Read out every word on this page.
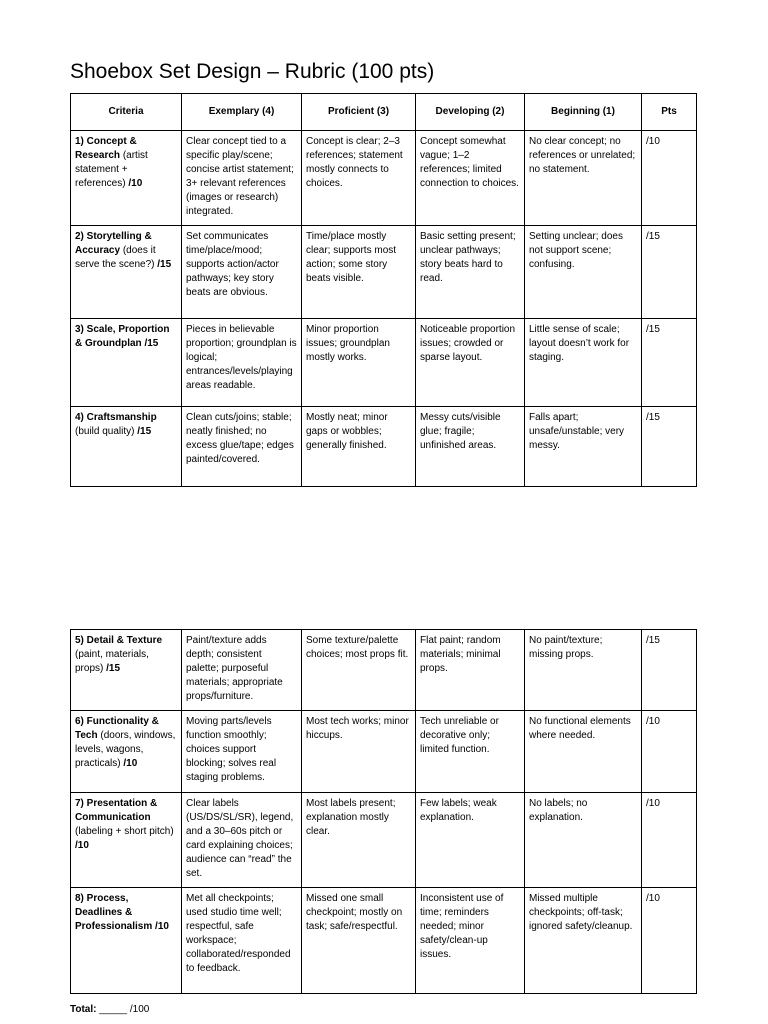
Shoebox Set Design – Rubric (100 pts)
Criteria	Exemplary (4)	Proficient (3)	Developing (2)	Beginning (1)	Pts
1) Concept & Research (artist statement + references) /10	Clear concept tied to a specific play/scene; concise artist statement; 3+ relevant references (images or research) integrated.	Concept is clear; 2–3 references; statement mostly connects to choices.	Concept somewhat vague; 1–2 references; limited connection to choices.	No clear concept; no references or unrelated; no statement.	/10
2) Storytelling & Accuracy (does it serve the scene?) /15	Set communicates time/place/mood; supports action/actor pathways; key story beats are obvious.	Time/place mostly clear; supports most action; some story beats visible.	Basic setting present; unclear pathways; story beats hard to read.	Setting unclear; does not support scene; confusing.	/15
3) Scale, Proportion & Groundplan /15	Pieces in believable proportion; groundplan is logical; entrances/levels/playing areas readable.	Minor proportion issues; groundplan mostly works.	Noticeable proportion issues; crowded or sparse layout.	Little sense of scale; layout doesn’t work for staging.	/15
4) Craftsmanship (build quality) /15	Clean cuts/joins; stable; neatly finished; no excess glue/tape; edges painted/covered.	Mostly neat; minor gaps or wobbles; generally finished.	Messy cuts/visible glue; fragile; unfinished areas.	Falls apart; unsafe/unstable; very messy.	/15
5) Detail & Texture (paint, materials, props) /15	Paint/texture adds depth; consistent palette; purposeful materials; appropriate props/furniture.	Some texture/palette choices; most props fit.	Flat paint; random materials; minimal props.	No paint/texture; missing props.	/15
6) Functionality & Tech (doors, windows, levels, wagons, practicals) /10	Moving parts/levels function smoothly; choices support blocking; solves real staging problems.	Most tech works; minor hiccups.	Tech unreliable or decorative only; limited function.	No functional elements where needed.	/10
7) Presentation & Communication (labeling + short pitch) /10	Clear labels (US/DS/SL/SR), legend, and a 30–60s pitch or card explaining choices; audience can “read” the set.	Most labels present; explanation mostly clear.	Few labels; weak explanation.	No labels; no explanation.	/10
8) Process, Deadlines & Professionalism /10	Met all checkpoints; used studio time well; respectful, safe workspace; collaborated/responded to feedback.	Missed one small checkpoint; mostly on task; safe/respectful.	Inconsistent use of time; reminders needed; minor safety/clean-up issues.	Missed multiple checkpoints; off-task; ignored safety/cleanup.	/10
Total: _____ /100
